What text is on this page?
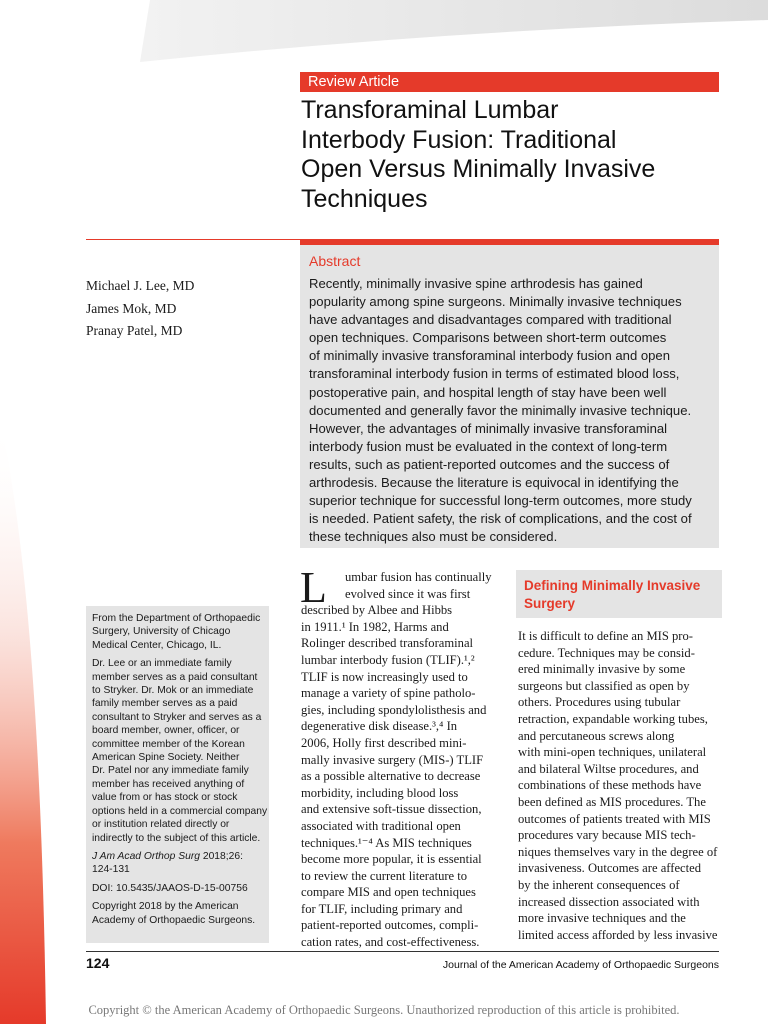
Review Article
Transforaminal Lumbar
Interbody Fusion: Traditional
Open Versus Minimally Invasive
Techniques
Abstract
Recently, minimally invasive spine arthrodesis has gained
popularity among spine surgeons. Minimally invasive techniques
have advantages and disadvantages compared with traditional
open techniques. Comparisons between short-term outcomes
of minimally invasive transforaminal interbody fusion and open
transforaminal interbody fusion in terms of estimated blood loss,
postoperative pain, and hospital length of stay have been well
documented and generally favor the minimally invasive technique.
However, the advantages of minimally invasive transforaminal
interbody fusion must be evaluated in the context of long-term
results, such as patient-reported outcomes and the success of
arthrodesis. Because the literature is equivocal in identifying the
superior technique for successful long-term outcomes, more study
is needed. Patient safety, the risk of complications, and the cost of
these techniques also must be considered.
Michael J. Lee, MD
James Mok, MD
Pranay Patel, MD
From the Department of Orthopaedic
Surgery, University of Chicago
Medical Center, Chicago, IL.
Dr. Lee or an immediate family
member serves as a paid consultant
to Stryker. Dr. Mok or an immediate
family member serves as a paid
consultant to Stryker and serves as a
board member, owner, officer, or
committee member of the Korean
American Spine Society. Neither
Dr. Patel nor any immediate family
member has received anything of
value from or has stock or stock
options held in a commercial company
or institution related directly or
indirectly to the subject of this article.
J Am Acad Orthop Surg 2018;26:
124-131
DOI: 10.5435/JAAOS-D-15-00756
Copyright 2018 by the American
Academy of Orthopaedic Surgeons.
L	umbar fusion has continually
evolved since it was first
described by Albee and Hibbs
in 1911.¹ In 1982, Harms and
Rolinger described transforaminal
lumbar interbody fusion (TLIF).¹,²
TLIF is now increasingly used to
manage a variety of spine patholo-
gies, including spondylolisthesis and
degenerative disk disease.³,⁴ In
2006, Holly first described mini-
mally invasive surgery (MIS-) TLIF
as a possible alternative to decrease
morbidity, including blood loss
and extensive soft-tissue dissection,
associated with traditional open
techniques.¹⁻⁴ As MIS techniques
become more popular, it is essential
to review the current literature to
compare MIS and open techniques
for TLIF, including primary and
patient-reported outcomes, compli-
cation rates, and cost-effectiveness.
Defining Minimally Invasive
Surgery
It is difficult to define an MIS pro-
cedure. Techniques may be consid-
ered minimally invasive by some
surgeons but classified as open by
others. Procedures using tubular
retraction, expandable working tubes,
and percutaneous screws along
with mini-open techniques, unilateral
and bilateral Wiltse procedures, and
combinations of these methods have
been defined as MIS procedures. The
outcomes of patients treated with MIS
procedures vary because MIS tech-
niques themselves vary in the degree of
invasiveness. Outcomes are affected
by the inherent consequences of
increased dissection associated with
more invasive techniques and the
limited access afforded by less invasive
124	Journal of the American Academy of Orthopaedic Surgeons
Copyright © the American Academy of Orthopaedic Surgeons. Unauthorized reproduction of this article is prohibited.
